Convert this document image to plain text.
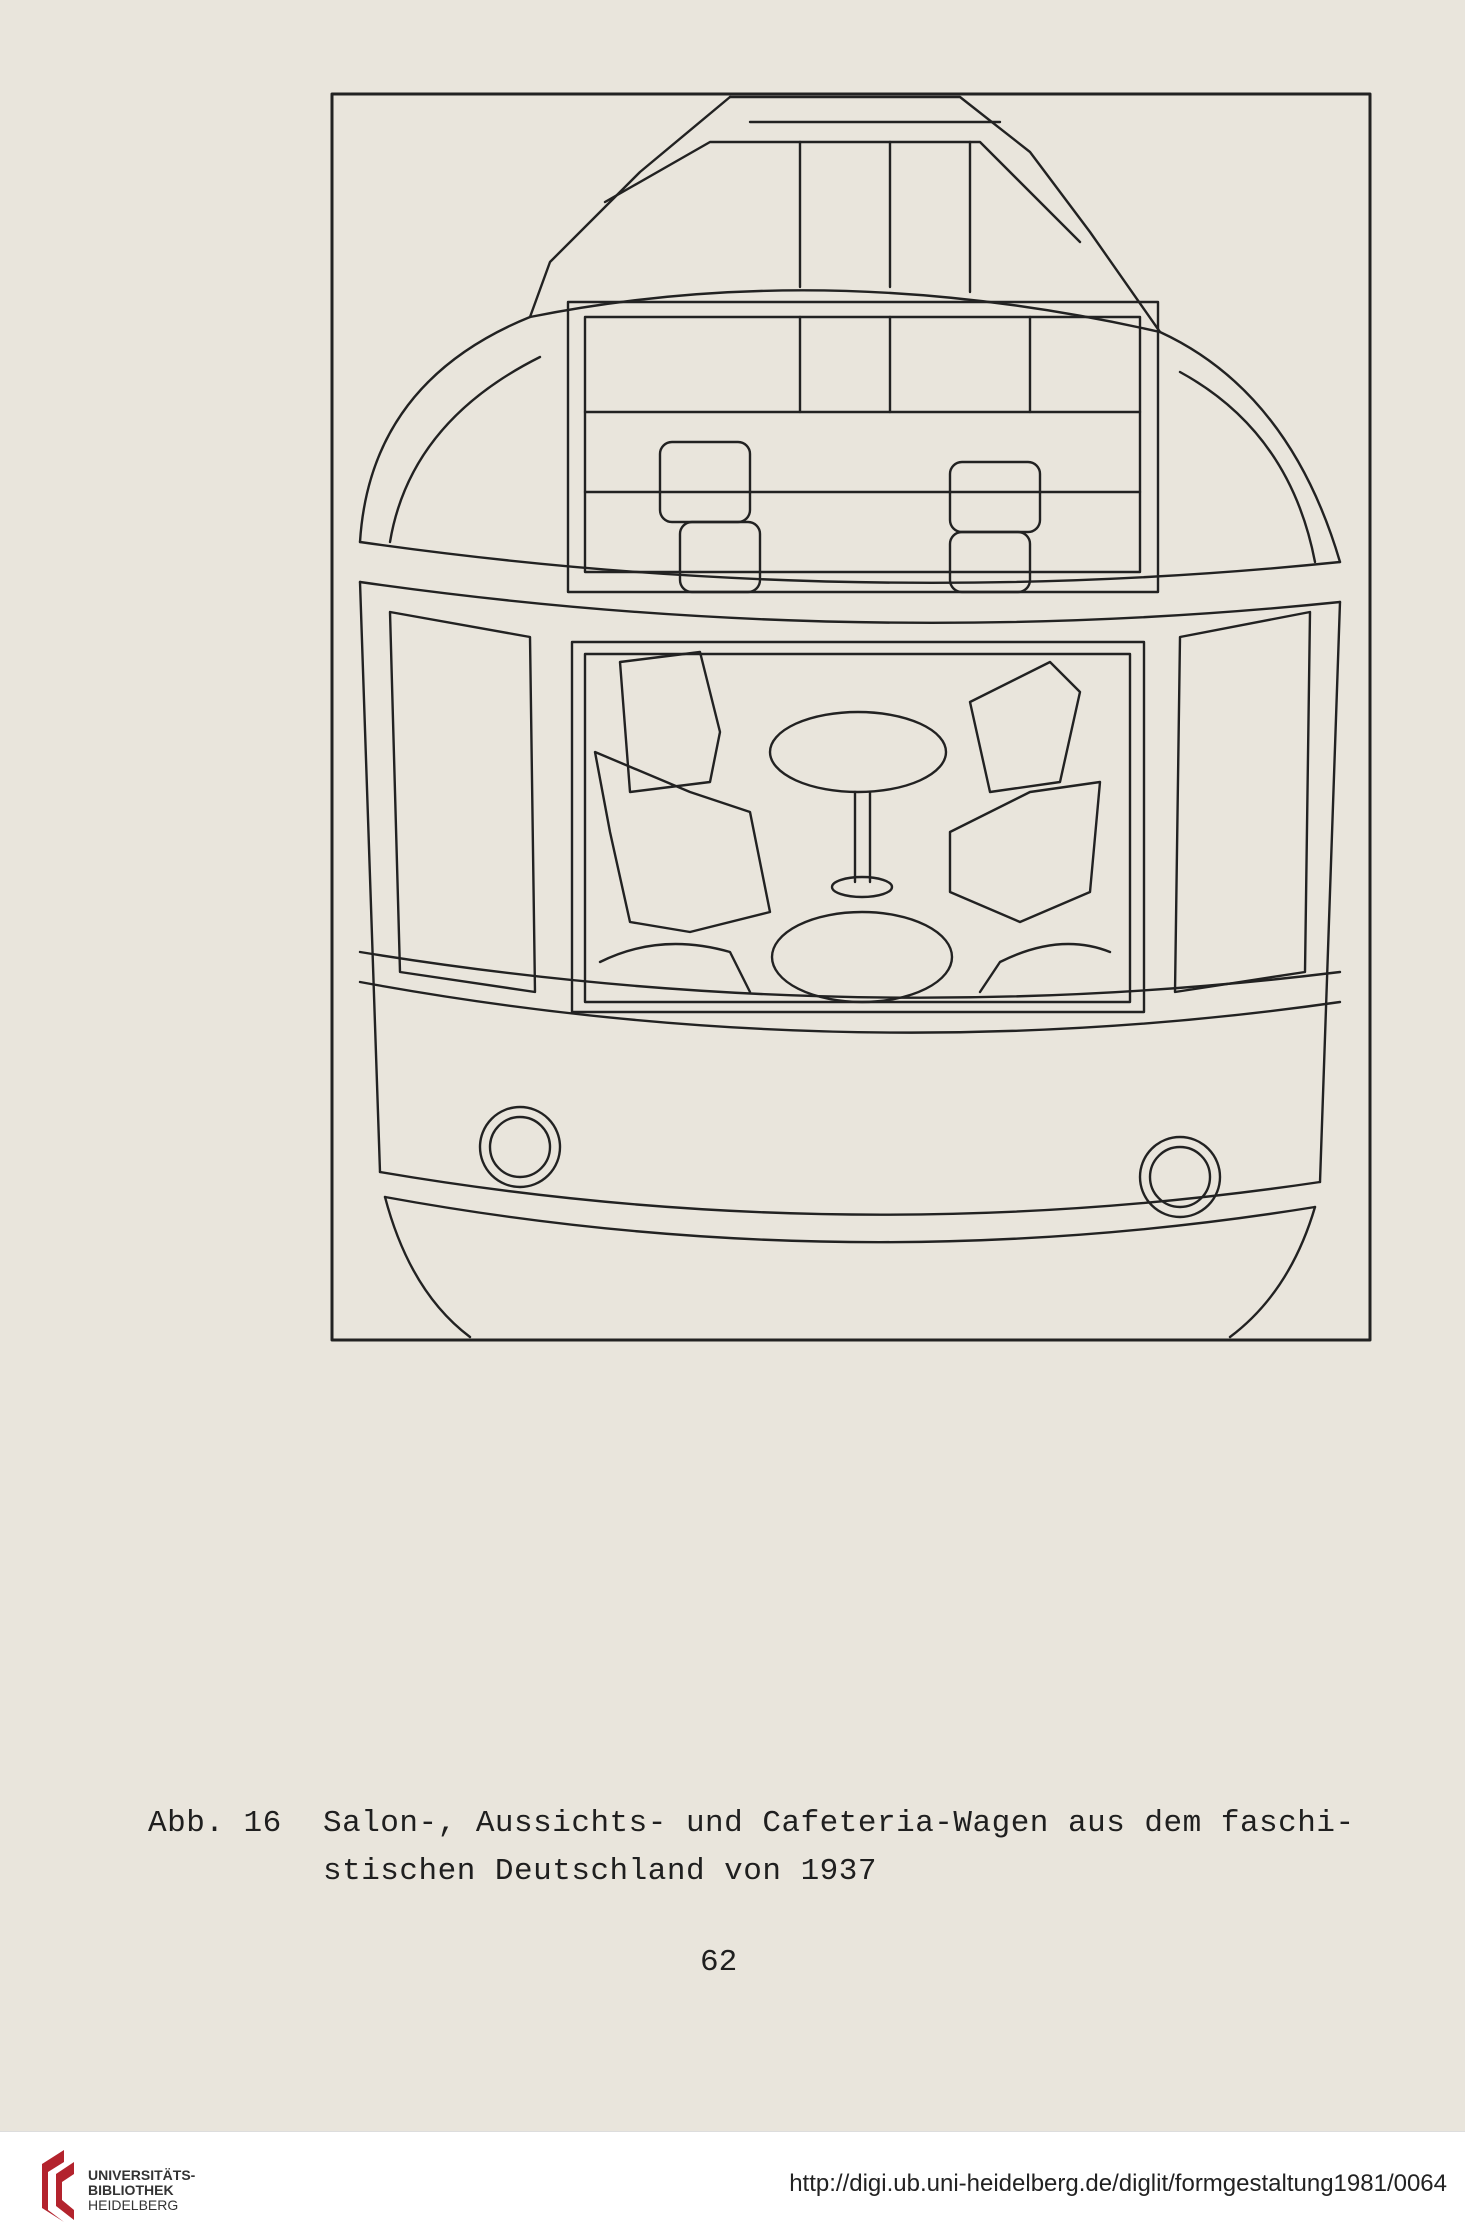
Abb. 16 Salon-, Aussichts- und Cafeteria-Wagen aus dem faschi-
stischen Deutschland von 1937
62
UNIVERSITÄTS-
BIBLIOTHEK
HEIDELBERG
http://digi.ub.uni-heidelberg.de/diglit/formgestaltung1981/0064
